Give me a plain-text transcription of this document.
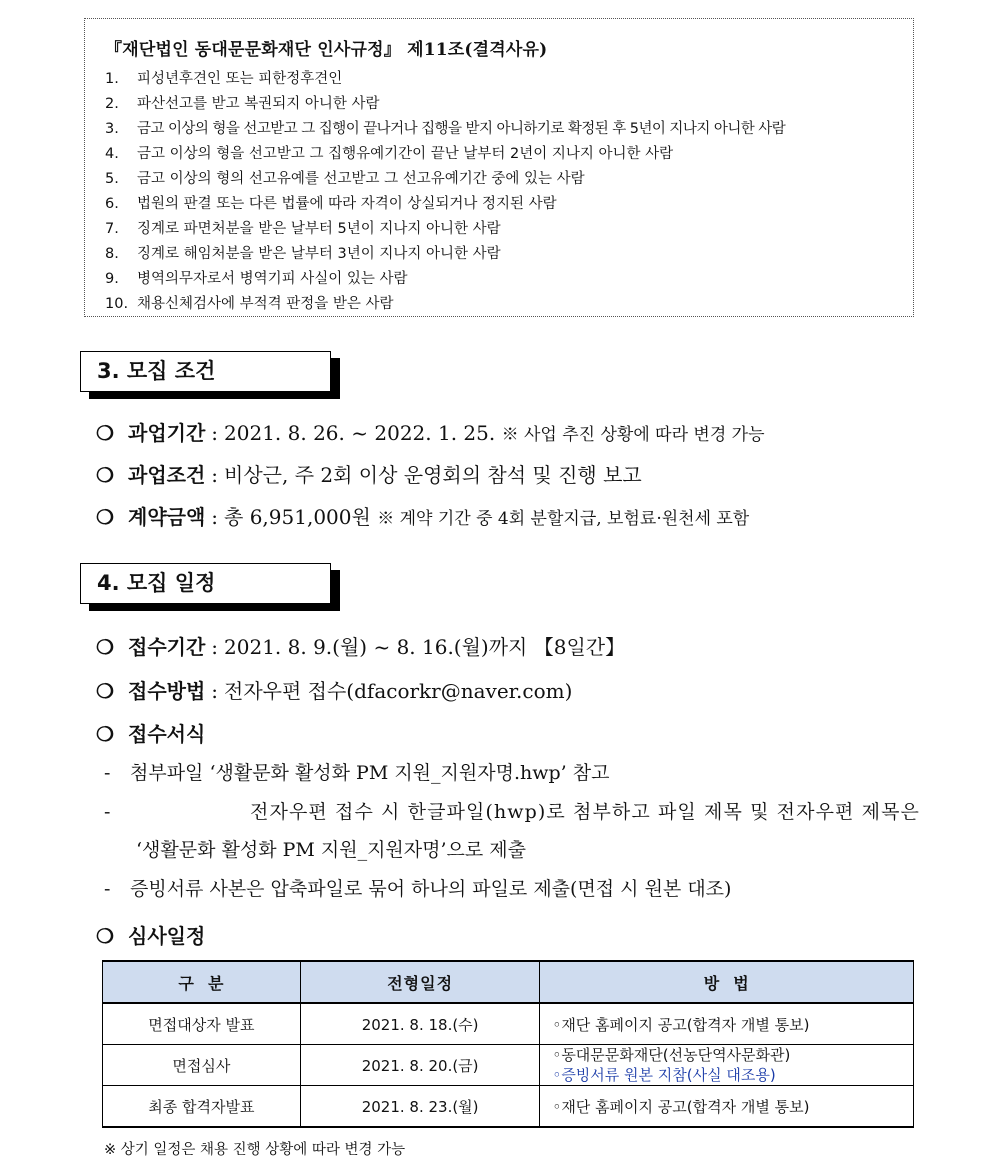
『재단법인 동대문문화재단 인사규정』 제11조(결격사유)
1. 피성년후견인 또는 피한정후견인
2. 파산선고를 받고 복권되지 아니한 사람
3. 금고 이상의 형을 선고받고 그 집행이 끝나거나 집행을 받지 아니하기로 확정된 후 5년이 지나지 아니한 사람
4. 금고 이상의 형을 선고받고 그 집행유예기간이 끝난 날부터 2년이 지나지 아니한 사람
5. 금고 이상의 형의 선고유예를 선고받고 그 선고유예기간 중에 있는 사람
6. 법원의 판결 또는 다른 법률에 따라 자격이 상실되거나 정지된 사람
7. 징계로 파면처분을 받은 날부터 5년이 지나지 아니한 사람
8. 징계로 해임처분을 받은 날부터 3년이 지나지 아니한 사람
9. 병역의무자로서 병역기피 사실이 있는 사람
10. 채용신체검사에 부적격 판정을 받은 사람
3. 모집 조건
❍ 과업기간 : 2021. 8. 26. ~ 2022. 1. 25. ※ 사업 추진 상황에 따라 변경 가능
❍ 과업조건 : 비상근, 주 2회 이상 운영회의 참석 및 진행 보고
❍ 계약금액 : 총 6,951,000원 ※ 계약 기간 중 4회 분할지급, 보험료·원천세 포함
4. 모집 일정
❍ 접수기간 : 2021. 8. 9.(월) ~ 8. 16.(월)까지 【8일간】
❍ 접수방법 : 전자우편 접수(dfacorkr@naver.com)
❍ 접수서식
- 첨부파일 ‘생활문화 활성화 PM 지원_지원자명.hwp’ 참고
-	전자우편 접수 시 한글파일(hwp)로 첨부하고 파일 제목 및 전자우편 제목은
‘생활문화 활성화 PM 지원_지원자명’으로 제출
- 증빙서류 사본은 압축파일로 묶어 하나의 파일로 제출(면접 시 원본 대조)
❍ 심사일정
구  분	전형일정	방  법
면접대상자 발표	2021. 8. 18.(수)	◦재단 홈페이지 공고(합격자 개별 통보)
면접심사	2021. 8. 20.(금)	◦동대문문화재단(선농단역사문화관)
◦증빙서류 원본 지참(사실 대조용)

최종 합격자발표	2021. 8. 23.(월)	◦재단 홈페이지 공고(합격자 개별 통보)
※ 상기 일정은 채용 진행 상황에 따라 변경 가능
